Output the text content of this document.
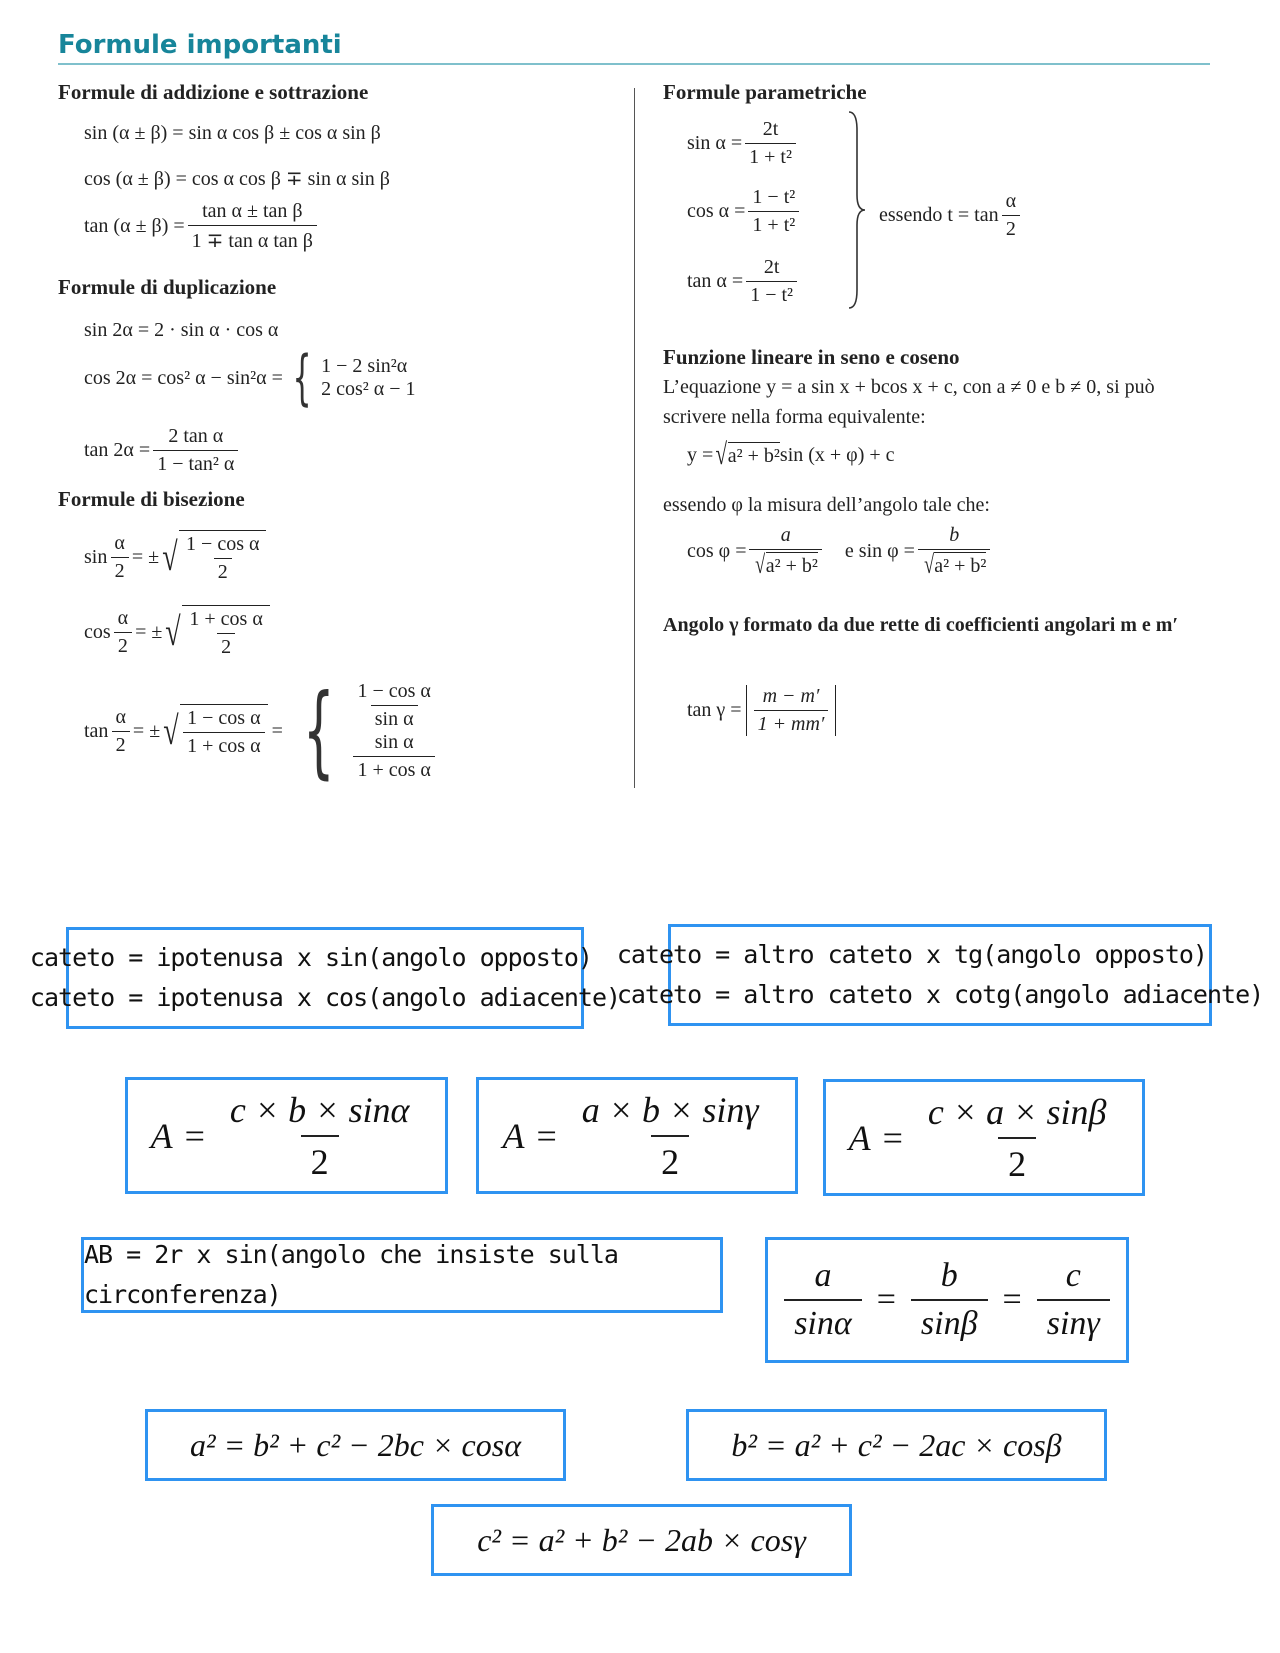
Formule importanti
Formule di addizione e sottrazione
sin (α ± β) = sin α cos β ± cos α sin β
cos (α ± β) = cos α cos β ∓ sin α sin β
$\tan (\alpha \pm \beta) = \frac{\text{tan α ± tan β}}{\text{1 ∓ tan α tan β}}$
Formule di duplicazione
sin 2α = 2 · sin α · cos α
cos 2α = cos² α − sin²α = { 1 − 2 sin²α
2 cos² α − 1
$\tan 2\alpha = \frac{\text{2 tan α}}{\text{1 − tan² α}}$
Formule di bisezione
$\sin \frac{\alpha}{2}$ = ± √ $\frac{\text{1 − cos α}}{2}$
$\cos \frac{\alpha}{2}$ = ± √ $\frac{\text{1 + cos α}}{2}$
$\tan \frac{\alpha}{2}$ = ± √ $\frac{\text{1 − cos α}}{\text{1 + cos α}}$ = { $\frac{\text{1 − cos α}}{\text{sin α}}$
$\frac{\text{sin α}}{\text{1 + cos α}}$
Formule parametriche
$\sin \alpha = \frac{2t}{\text{1 + t²}}$
$\cos \alpha = \frac{\text{1 − t²}}{\text{1 + t²}}$
$\tan \alpha = \frac{2t}{\text{1 − t²}}$
essendo $t = \tan \frac{\alpha}{2}$
Funzione lineare in seno e coseno
L’equazione y = a sin x + bcos x + c, con a ≠ 0 e b ≠ 0, si può scrivere nella forma equivalente:
y = √ a² + b² sin (x + φ) + c
essendo φ la misura dell’angolo tale che:
$\cos \varphi = \frac{a}{\text{√ a² + b²}}$ e $\sin \varphi = \frac{b}{\text{√ a² + b²}}$
Angolo γ formato da due rette di coefficienti angolari m e m′
$\tan \gamma = \frac{m - m'}{1 + mm'}$
cateto = ipotenusa x sin(angolo opposto)
cateto = ipotenusa x cos(angolo adiacente)
cateto = altro cateto x tg(angolo opposto)
cateto = altro cateto x cotg(angolo adiacente)
$A = \frac{c \times b \times \sin\alpha}{2}$ $A = \frac{a \times b \times \sin\gamma}{2}$ $A = \frac{c \times a \times \sin\beta}{2}$
AB = 2r x sin(angolo che insiste sulla circonferenza)	$\frac{a}{\sin\alpha} = \frac{b}{\sin\beta} = \frac{c}{\sin\gamma}$
a² = b² + c² − 2bc × cosα	b² = a² + c² − 2ac × cosβ
c² = a² + b² − 2ab × cosγ
